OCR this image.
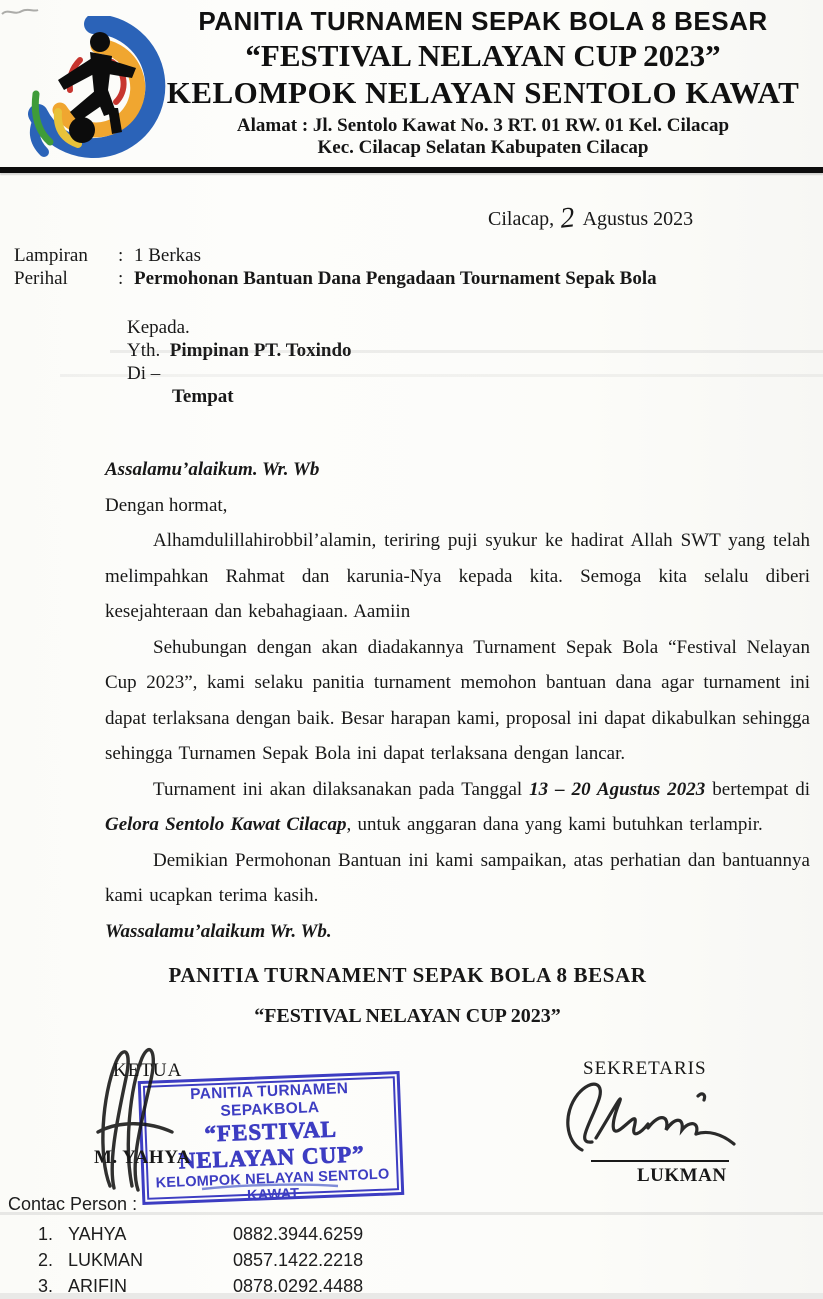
PANITIA TURNAMEN SEPAK BOLA 8 BESAR
“FESTIVAL NELAYAN CUP 2023”
KELOMPOK NELAYAN SENTOLO KAWAT
Alamat : Jl. Sentolo Kawat No. 3 RT. 01 RW. 01 Kel. Cilacap
Kec. Cilacap Selatan Kabupaten Cilacap
Cilacap, 2 Agustus 2023
Lampiran	: 1 Berkas
Perihal	: Permohonan Bantuan Dana Pengadaan Tournament Sepak Bola
Kepada.
Yth. Pimpinan PT. Toxindo
Di –
Tempat

Assalamu’alaikum. Wr. Wb

Dengan hormat,

Alhamdulillahirobbil’alamin, teriring puji syukur ke hadirat Allah SWT yang telah melimpahkan Rahmat dan karunia-Nya kepada kita. Semoga kita selalu diberi kesejahteraan dan kebahagiaan. Aamiin

Sehubungan dengan akan diadakannya Turnament Sepak Bola “Festival Nelayan Cup 2023”, kami selaku panitia turnament memohon bantuan dana agar turnament ini dapat terlaksana dengan baik. Besar harapan kami, proposal ini dapat dikabulkan sehingga sehingga Turnamen Sepak Bola ini dapat terlaksana dengan lancar.

Turnament ini akan dilaksanakan pada Tanggal 13 – 20 Agustus 2023 bertempat di Gelora Sentolo Kawat Cilacap, untuk anggaran dana yang kami butuhkan terlampir.

Demikian Permohonan Bantuan ini kami sampaikan, atas perhatian dan bantuannya kami ucapkan terima kasih.

Wassalamu’alaikum Wr. Wb.

PANITIA TURNAMENT SEPAK BOLA 8 BESAR
“FESTIVAL NELAYAN CUP 2023”
KETUA	SEKRETARIS
M. YAHYA
LUKMAN
PANITIA TURNAMEN SEPAKBOLA
“FESTIVAL NELAYAN CUP”
KELOMPOK NELAYAN SENTOLO KAWAT
Contac Person :
1. YAHYA	0882.3944.6259
2. LUKMAN	0857.1422.2218
3. ARIFIN	0878.0292.4488
